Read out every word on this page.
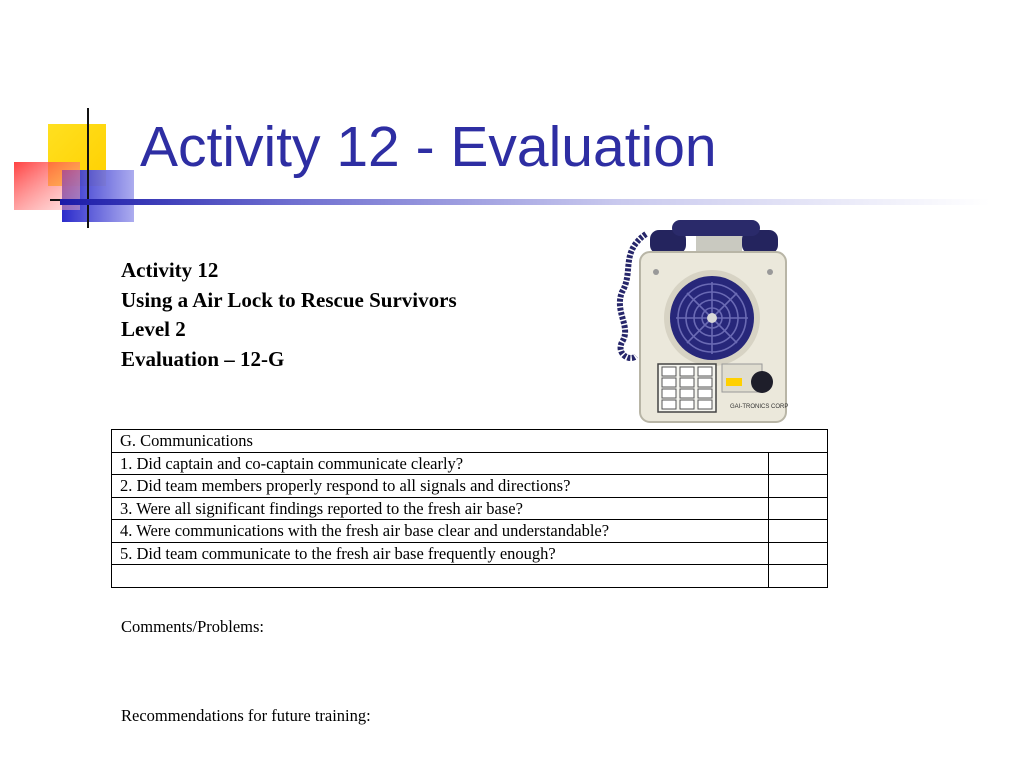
Activity 12 - Evaluation
Activity 12
Using a Air Lock to Rescue Survivors
Level 2
Evaluation – 12-G
GAI-TRONICS CORP
G. Communications	
1. Did captain and co-captain communicate clearly?	
2. Did team members properly respond to all signals and directions?	
3. Were all significant findings reported to the fresh air base?	
4. Were communications with the fresh air base clear and understandable?	
5. Did team communicate to the fresh air base frequently enough?	

Comments/Problems:
Recommendations for future training:
